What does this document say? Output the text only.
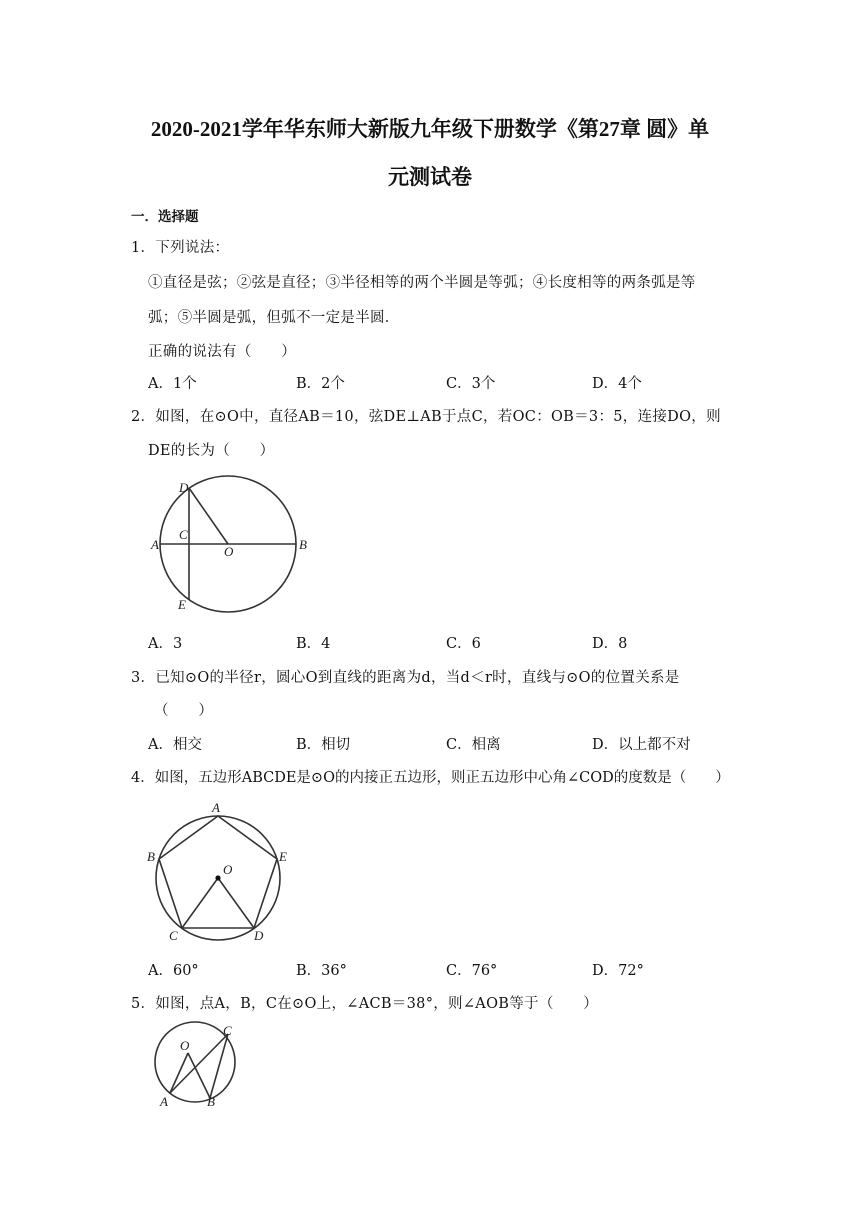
2020-2021学年华东师大新版九年级下册数学《第27章 圆》单
元测试卷
一．选择题
1．下列说法：
①直径是弦；②弦是直径；③半径相等的两个半圆是等弧；④长度相等的两条弧是等
弧；⑤半圆是弧，但弧不一定是半圆．
正确的说法有（　　）
A．1个	B．2个	C．3个	D．4个
2．如图，在⊙O中，直径AB＝10，弦DE⊥AB于点C，若OC：OB＝3：5，连接DO，则
DE的长为（　　）
D
C
A	O	B
E
A．3	B．4	C．6	D．8
3．已知⊙O的半径r，圆心O到直线的距离为d，当d＜r时，直线与⊙O的位置关系是
（　　）
A．相交	B．相切	C．相离	D．以上都不对
4．如图，五边形ABCDE是⊙O的内接正五边形，则正五边形中心角∠COD的度数是（　　）
A
B	E
O
C	D
A．60°	B．36°	C．76°	D．72°
5．如图，点A，B，C在⊙O上，∠ACB＝38°，则∠AOB等于（　　）
O
C
A	B
